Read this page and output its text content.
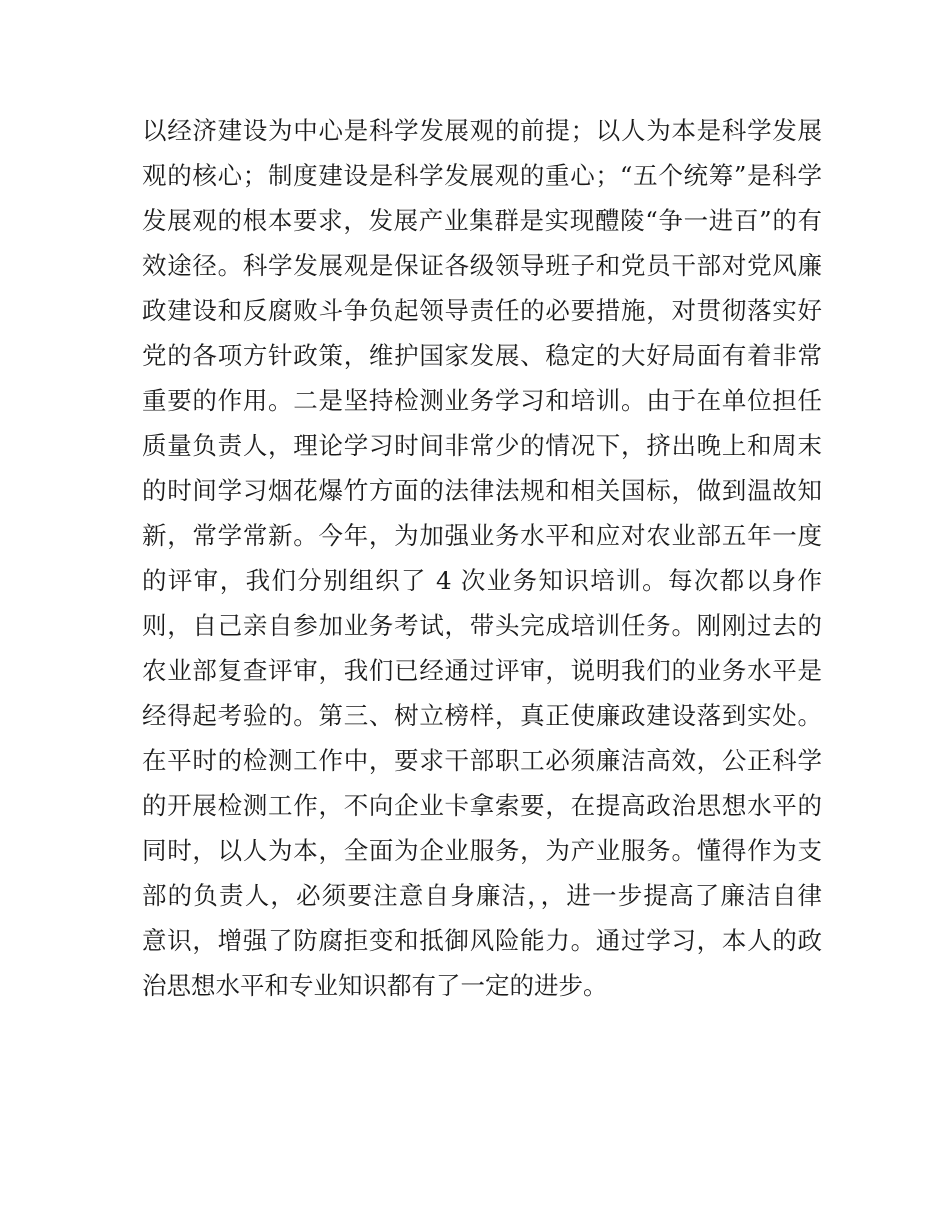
以经济建设为中心是科学发展观的前提；以人为本是科学发展
观的核心；制度建设是科学发展观的重心；“五个统筹”是科学
发展观的根本要求，发展产业集群是实现醴陵“争一进百”的有
效途径。科学发展观是保证各级领导班子和党员干部对党风廉
政建设和反腐败斗争负起领导责任的必要措施，对贯彻落实好
党的各项方针政策，维护国家发展、稳定的大好局面有着非常
重要的作用。二是坚持检测业务学习和培训。由于在单位担任
质量负责人，理论学习时间非常少的情况下，挤出晚上和周末
的时间学习烟花爆竹方面的法律法规和相关国标，做到温故知
新，常学常新。今年，为加强业务水平和应对农业部五年一度
的评审，我们分别组织了 4 次业务知识培训。每次都以身作
则，自己亲自参加业务考试，带头完成培训任务。刚刚过去的
农业部复查评审，我们已经通过评审，说明我们的业务水平是
经得起考验的。第三、树立榜样，真正使廉政建设落到实处。
在平时的检测工作中，要求干部职工必须廉洁高效，公正科学
的开展检测工作，不向企业卡拿索要，在提高政治思想水平的
同时，以人为本，全面为企业服务，为产业服务。懂得作为支
部的负责人，必须要注意自身廉洁，，进一步提高了廉洁自律
意识，增强了防腐拒变和抵御风险能力。通过学习，本人的政
治思想水平和专业知识都有了一定的进步。
